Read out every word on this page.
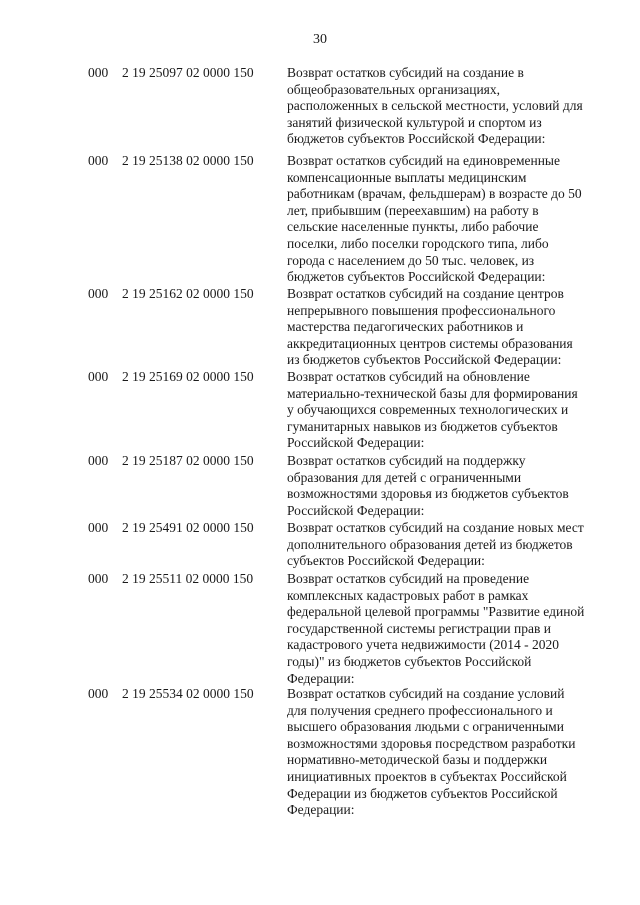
30
000	2 19 25097 02 0000 150	Возврат остатков субсидий на создание в общеобразовательных организациях, расположенных в сельской местности, условий для занятий физической культурой и спортом из бюджетов субъектов Российской Федерации:
000	2 19 25138 02 0000 150	Возврат остатков субсидий на единовременные компенсационные выплаты медицинским работникам (врачам, фельдшерам) в возрасте до 50 лет, прибывшим (переехавшим) на работу в сельские населенные пункты, либо рабочие поселки, либо поселки городского типа, либо города с населением до 50 тыс. человек, из бюджетов субъектов Российской Федерации:
000	2 19 25162 02 0000 150	Возврат остатков субсидий на создание центров непрерывного повышения профессионального мастерства педагогических работников и аккредитационных центров системы образования из бюджетов субъектов Российской Федерации:
000	2 19 25169 02 0000 150	Возврат остатков субсидий на обновление материально-технической базы для формирования у обучающихся современных технологических и гуманитарных навыков из бюджетов субъектов Российской Федерации:
000	2 19 25187 02 0000 150	Возврат остатков субсидий на поддержку образования для детей с ограниченными возможностями здоровья из бюджетов субъектов Российской Федерации:
000	2 19 25491 02 0000 150	Возврат остатков субсидий на создание новых мест дополнительного образования детей из бюджетов субъектов Российской Федерации:
000	2 19 25511 02 0000 150	Возврат остатков субсидий на проведение комплексных кадастровых работ в рамках федеральной целевой программы "Развитие единой государственной системы регистрации прав и кадастрового учета недвижимости (2014 - 2020 годы)" из бюджетов субъектов Российской Федерации:
000	2 19 25534 02 0000 150	Возврат остатков субсидий на создание условий для получения среднего профессионального и высшего образования людьми с ограниченными возможностями здоровья посредством разработки нормативно-методической базы и поддержки инициативных проектов в субъектах Российской Федерации из бюджетов субъектов Российской Федерации:
